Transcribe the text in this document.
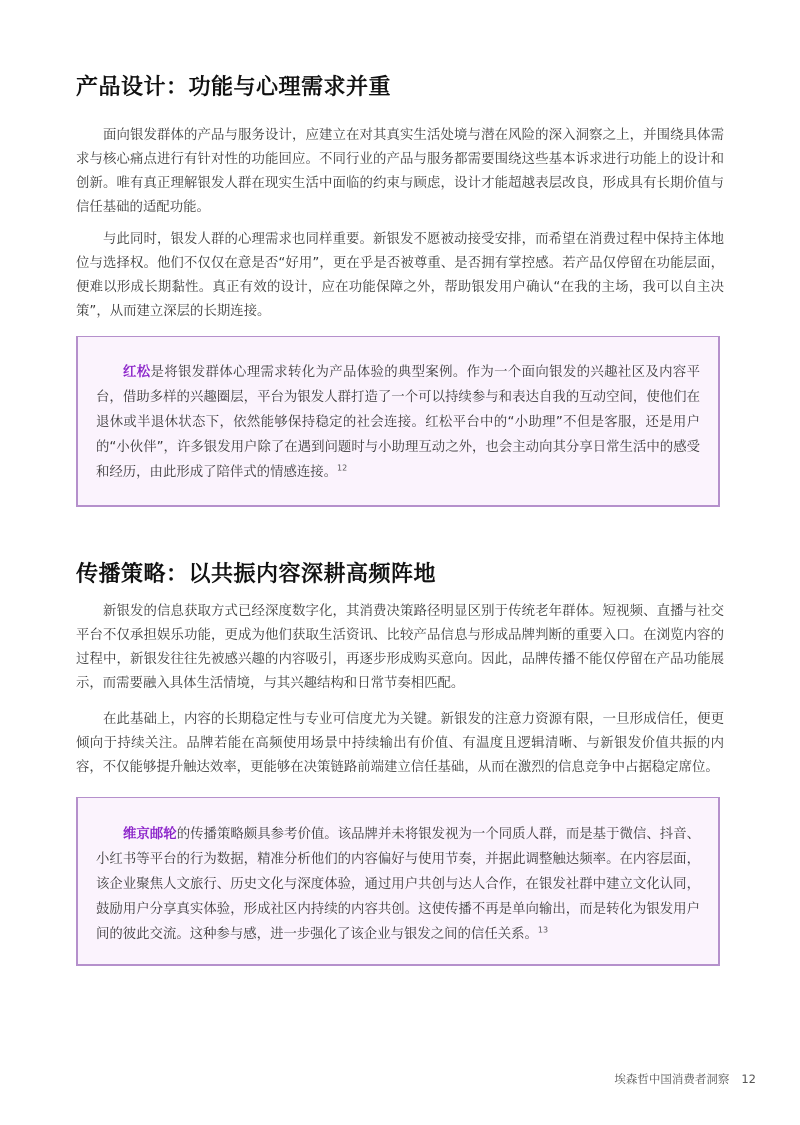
产品设计：功能与心理需求并重

面向银发群体的产品与服务设计，应建立在对其真实生活处境与潜在风险的深入洞察之上，并围绕具体需求与核心痛点进行有针对性的功能回应。不同行业的产品与服务都需要围绕这些基本诉求进行功能上的设计和创新。唯有真正理解银发人群在现实生活中面临的约束与顾虑，设计才能超越表层改良，形成具有长期价值与信任基础的适配功能。

与此同时，银发人群的心理需求也同样重要。新银发不愿被动接受安排，而希望在消费过程中保持主体地位与选择权。他们不仅仅在意是否“好用”，更在乎是否被尊重、是否拥有掌控感。若产品仅停留在功能层面，便难以形成长期黏性。真正有效的设计，应在功能保障之外，帮助银发用户确认“在我的主场，我可以自主决策”，从而建立深层的长期连接。

红松是将银发群体心理需求转化为产品体验的典型案例。作为一个面向银发的兴趣社区及内容平台，借助多样的兴趣圈层，平台为银发人群打造了一个可以持续参与和表达自我的互动空间，使他们在退休或半退休状态下，依然能够保持稳定的社会连接。红松平台中的“小助理”不但是客服，还是用户的“小伙伴”，许多银发用户除了在遇到问题时与小助理互动之外，也会主动向其分享日常生活中的感受和经历，由此形成了陪伴式的情感连接。$^{12}$

传播策略：以共振内容深耕高频阵地

新银发的信息获取方式已经深度数字化，其消费决策路径明显区别于传统老年群体。短视频、直播与社交平台不仅承担娱乐功能，更成为他们获取生活资讯、比较产品信息与形成品牌判断的重要入口。在浏览内容的过程中，新银发往往先被感兴趣的内容吸引，再逐步形成购买意向。因此，品牌传播不能仅停留在产品功能展示，而需要融入具体生活情境，与其兴趣结构和日常节奏相匹配。

在此基础上，内容的长期稳定性与专业可信度尤为关键。新银发的注意力资源有限，一旦形成信任，便更倾向于持续关注。品牌若能在高频使用场景中持续输出有价值、有温度且逻辑清晰、与新银发价值共振的内容，不仅能够提升触达效率，更能够在决策链路前端建立信任基础，从而在激烈的信息竞争中占据稳定席位。

维京邮轮的传播策略颇具参考价值。该品牌并未将银发视为一个同质人群，而是基于微信、抖音、小红书等平台的行为数据，精准分析他们的内容偏好与使用节奏，并据此调整触达频率。在内容层面，该企业聚焦人文旅行、历史文化与深度体验，通过用户共创与达人合作，在银发社群中建立文化认同，鼓励用户分享真实体验，形成社区内持续的内容共创。这使传播不再是单向输出，而是转化为银发用户间的彼此交流。这种参与感，进一步强化了该企业与银发之间的信任关系。$^{13}$

埃森哲中国消费者洞察 12
